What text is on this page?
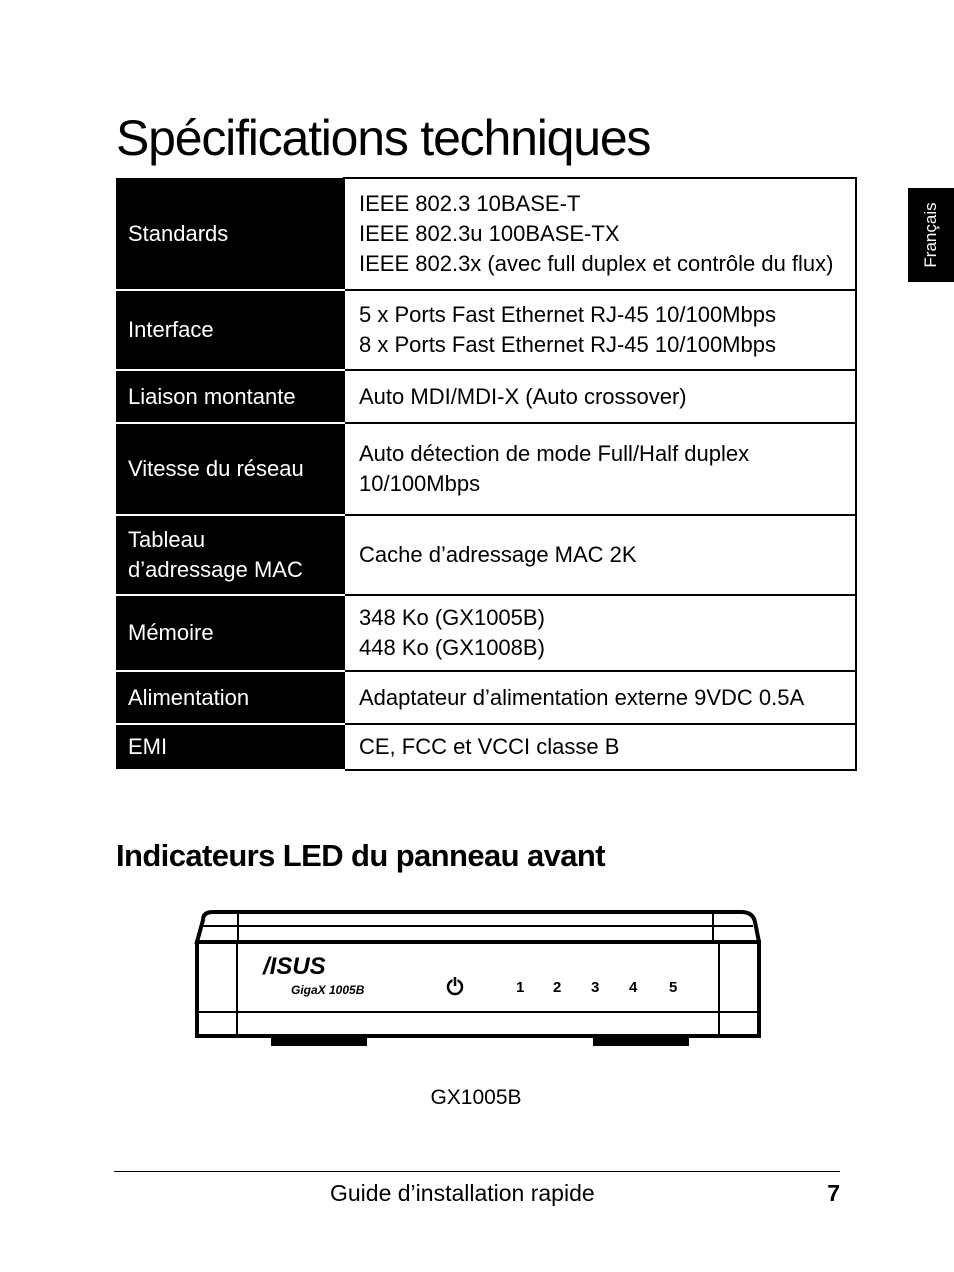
Spécifications techniques
Français
Standards	IEEE 802.3 10BASE-T
IEEE 802.3u 100BASE-TX
IEEE 802.3x (avec full duplex et contrôle du flux)

Interface	5 x Ports Fast Ethernet RJ-45 10/100Mbps
8 x Ports Fast Ethernet RJ-45 10/100Mbps

Liaison montante	Auto MDI/MDI-X (Auto crossover)

Vitesse du réseau	Auto détection de mode Full/Half duplex
10/100Mbps

Tableau d’adressage MAC	Cache d’adressage MAC 2K

Mémoire	348 Ko (GX1005B)
448 Ko (GX1008B)

Alimentation	Adaptateur d’alimentation externe 9VDC 0.5A

EMI	CE, FCC et VCCI classe B
Indicateurs LED du panneau avant
/ISUS
GigaX 1005B	1 2 3 4 5
GX1005B
Guide d’installation rapide	7
